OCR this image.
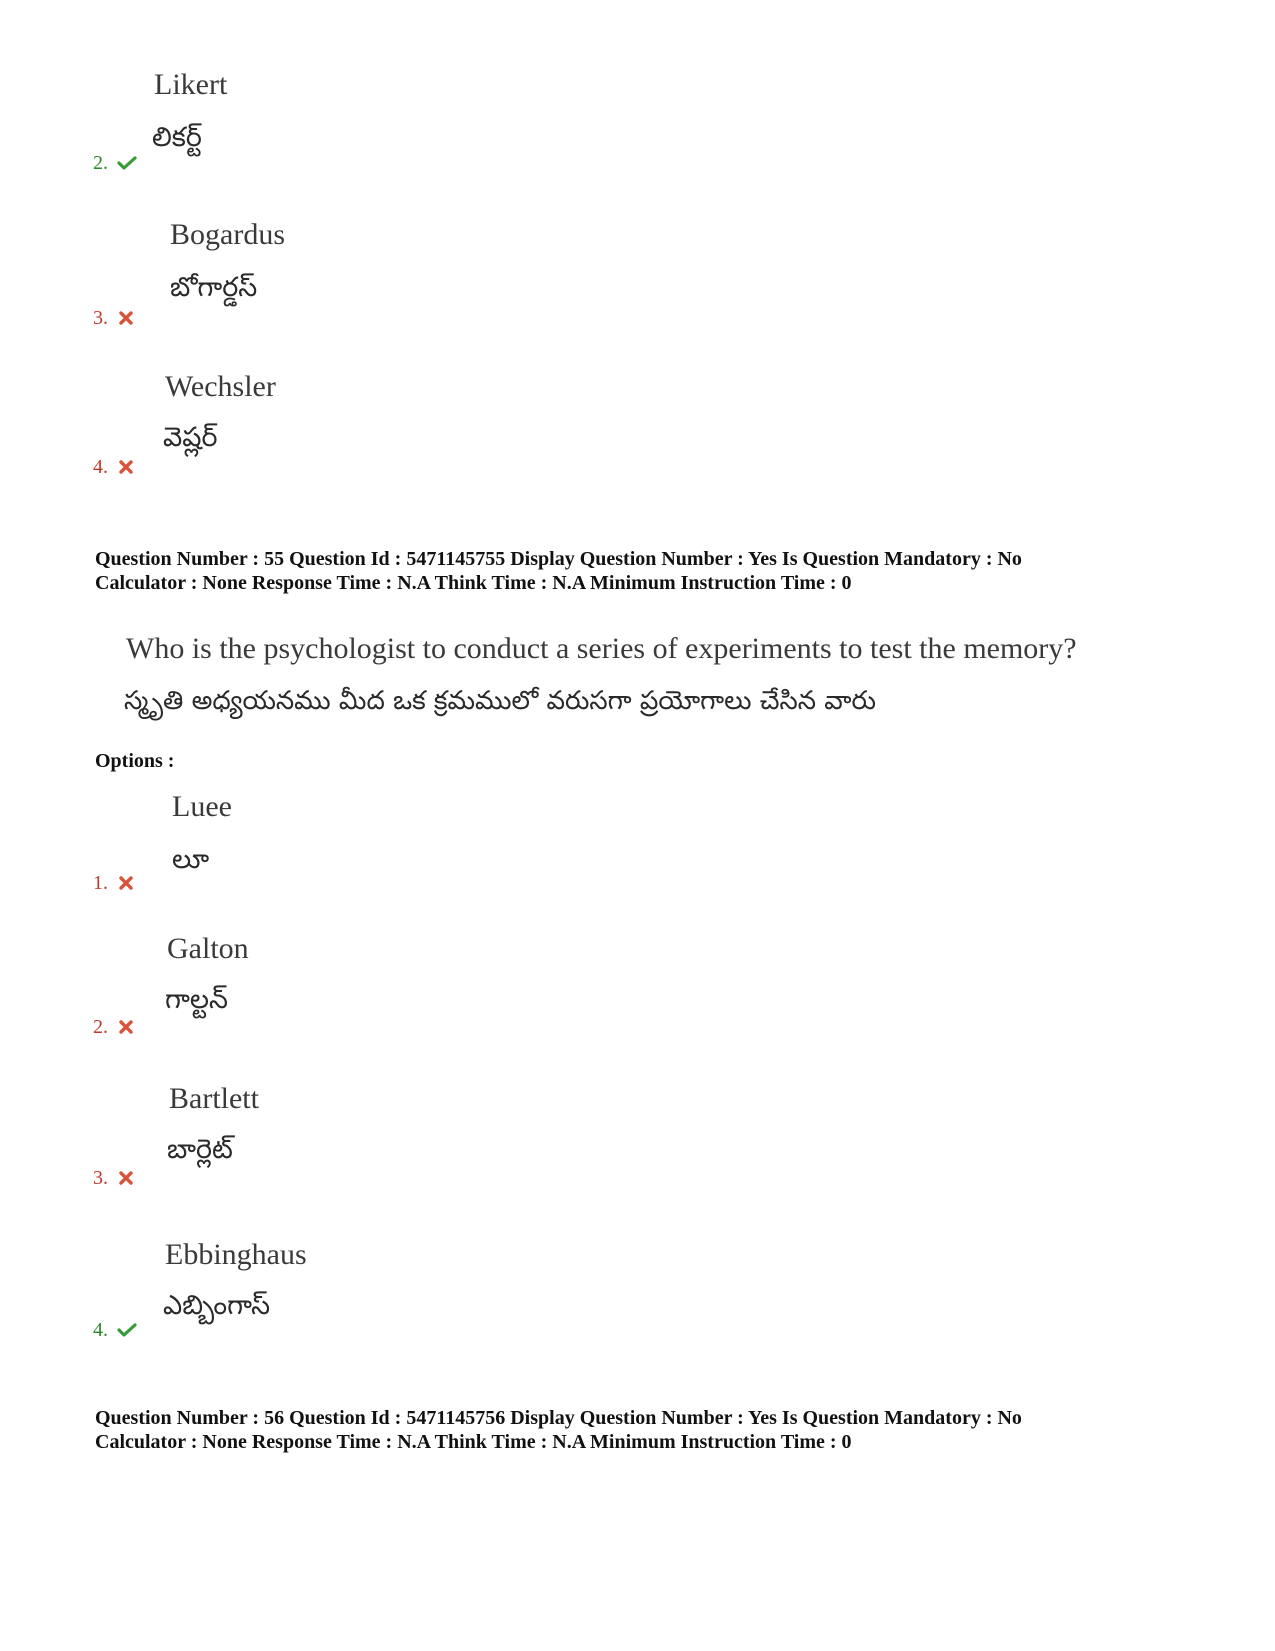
Likert
లికర్ట్
2.
Bogardus
బోగార్డస్
3.
Wechsler
వెష్లర్
4.
Question Number : 55 Question Id : 5471145755 Display Question Number : Yes Is Question Mandatory : No
Calculator : None Response Time : N.A Think Time : N.A Minimum Instruction Time : 0
Who is the psychologist to conduct a series of experiments to test the memory?
స్మృతి అధ్యయనము మీద ఒక క్రమములో వరుసగా ప్రయోగాలు చేసిన వారు
Options :
Luee
లూ
1.
Galton
గాల్టన్
2.
Bartlett
బార్లెట్
3.
Ebbinghaus
ఎబ్బింగాస్
4.
Question Number : 56 Question Id : 5471145756 Display Question Number : Yes Is Question Mandatory : No
Calculator : None Response Time : N.A Think Time : N.A Minimum Instruction Time : 0
